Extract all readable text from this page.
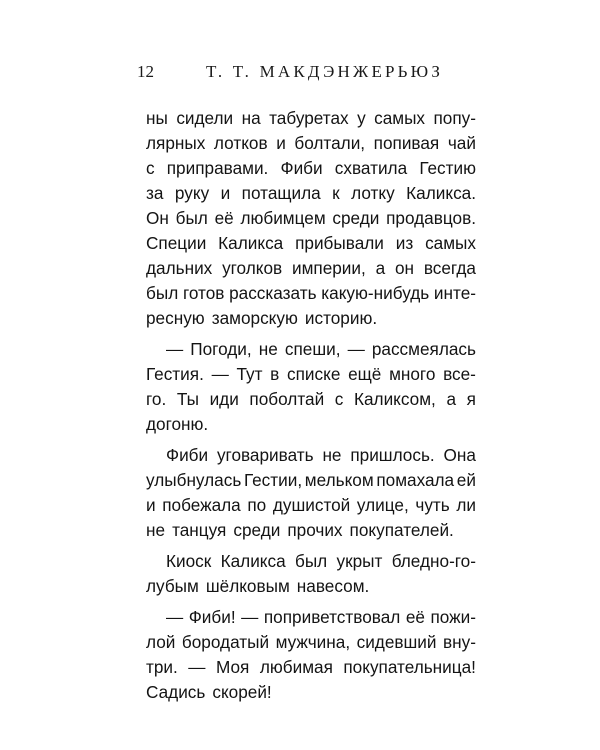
12	Т. Т. МАКДЭНЖЕРЬЮЗ
ны сидели на табуретах у самых попу-
лярных лотков и болтали, попивая чай
с приправами. Фиби схватила Гестию
за руку и потащила к лотку Каликса.
Он был её любимцем среди продавцов.
Специи Каликса прибывали из самых
дальних уголков империи, а он всегда
был готов рассказать какую-нибудь инте-
ресную заморскую историю.
— Погоди, не спеши, — рассмеялась
Гестия. — Тут в списке ещё много все-
го. Ты иди поболтай с Каликсом, а я
догоню.
Фиби уговаривать не пришлось. Она
улыбнулась Гестии, мельком помахала ей
и побежала по душистой улице, чуть ли
не танцуя среди прочих покупателей.
Киоск Каликса был укрыт бледно-го-
лубым шёлковым навесом.
— Фиби! — поприветствовал её пожи-
лой бородатый мужчина, сидевший вну-
три. — Моя любимая покупательница!
Садись скорей!
